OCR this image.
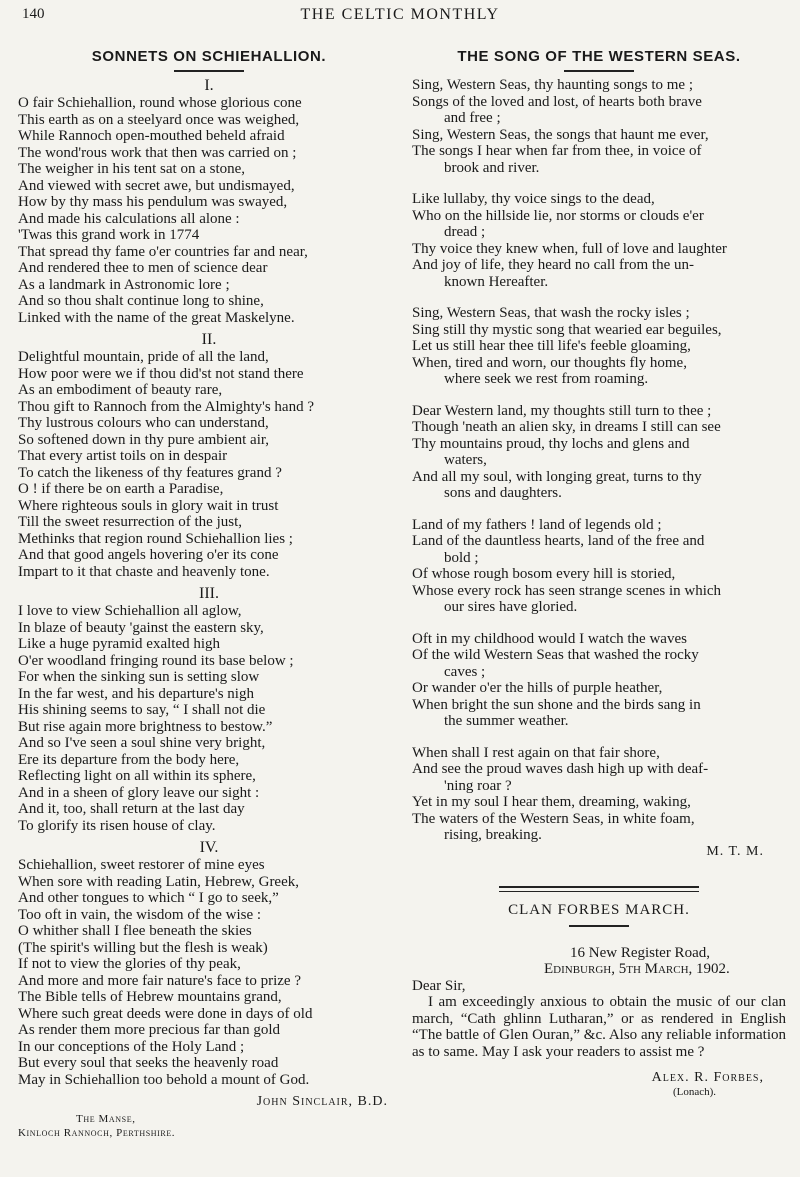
140	THE CELTIC MONTHLY
SONNETS ON SCHIEHALLION.
I.
O fair Schiehallion, round whose glorious cone
This earth as on a steelyard once was weighed,
While Rannoch open-mouthed beheld afraid
The wond'rous work that then was carried on ;
The weigher in his tent sat on a stone,
And viewed with secret awe, but undismayed,
How by thy mass his pendulum was swayed,
And made his calculations all alone :
'Twas this grand work in 1774
That spread thy fame o'er countries far and near,
And rendered thee to men of science dear
As a landmark in Astronomic lore ;
And so thou shalt continue long to shine,
Linked with the name of the great Maskelyne.
II.
Delightful mountain, pride of all the land,
How poor were we if thou did'st not stand there
As an embodiment of beauty rare,
Thou gift to Rannoch from the Almighty's hand ?
Thy lustrous colours who can understand,
So softened down in thy pure ambient air,
That every artist toils on in despair
To catch the likeness of thy features grand ?
O ! if there be on earth a Paradise,
Where righteous souls in glory wait in trust
Till the sweet resurrection of the just,
Methinks that region round Schiehallion lies ;
And that good angels hovering o'er its cone
Impart to it that chaste and heavenly tone.
III.
I love to view Schiehallion all aglow,
In blaze of beauty 'gainst the eastern sky,
Like a huge pyramid exalted high
O'er woodland fringing round its base below ;
For when the sinking sun is setting slow
In the far west, and his departure's nigh
His shining seems to say, “ I shall not die
But rise again more brightness to bestow.”
And so I've seen a soul shine very bright,
Ere its departure from the body here,
Reflecting light on all within its sphere,
And in a sheen of glory leave our sight :
And it, too, shall return at the last day
To glorify its risen house of clay.
IV.
Schiehallion, sweet restorer of mine eyes
When sore with reading Latin, Hebrew, Greek,
And other tongues to which “ I go to seek,”
Too oft in vain, the wisdom of the wise :
O whither shall I flee beneath the skies
(The spirit's willing but the flesh is weak)
If not to view the glories of thy peak,
And more and more fair nature's face to prize ?
The Bible tells of Hebrew mountains grand,
Where such great deeds were done in days of old
As render them more precious far than gold
In our conceptions of the Holy Land ;
But every soul that seeks the heavenly road
May in Schiehallion too behold a mount of God.
John Sinclair, B.D.
The Manse,
Kinloch Rannoch, Perthshire.
THE SONG OF THE WESTERN SEAS.
Sing, Western Seas, thy haunting songs to me ;
Songs of the loved and lost, of hearts both brave
and free ;
Sing, Western Seas, the songs that haunt me ever,
The songs I hear when far from thee, in voice of
brook and river.
Like lullaby, thy voice sings to the dead,
Who on the hillside lie, nor storms or clouds e'er
dread ;
Thy voice they knew when, full of love and laughter
And joy of life, they heard no call from the un-
known Hereafter.
Sing, Western Seas, that wash the rocky isles ;
Sing still thy mystic song that wearied ear beguiles,
Let us still hear thee till life's feeble gloaming,
When, tired and worn, our thoughts fly home,
where seek we rest from roaming.
Dear Western land, my thoughts still turn to thee ;
Though 'neath an alien sky, in dreams I still can see
Thy mountains proud, thy lochs and glens and
waters,
And all my soul, with longing great, turns to thy
sons and daughters.
Land of my fathers ! land of legends old ;
Land of the dauntless hearts, land of the free and
bold ;
Of whose rough bosom every hill is storied,
Whose every rock has seen strange scenes in which
our sires have gloried.
Oft in my childhood would I watch the waves
Of the wild Western Seas that washed the rocky
caves ;
Or wander o'er the hills of purple heather,
When bright the sun shone and the birds sang in
the summer weather.
When shall I rest again on that fair shore,
And see the proud waves dash high up with deaf-
'ning roar ?
Yet in my soul I hear them, dreaming, waking,
The waters of the Western Seas, in white foam,
rising, breaking.
M. T. M.
CLAN FORBES MARCH.
16 New Register Road,
Edinburgh, 5th March, 1902.
Dear Sir,

I am exceedingly anxious to obtain the music of our clan march, “Cath ghlinn Lutharan,” or as rendered in English “The battle of Glen Ouran,” &c. Also any reliable information as to same. May I ask your readers to assist me ?

Alex. R. Forbes,
(Lonach).
